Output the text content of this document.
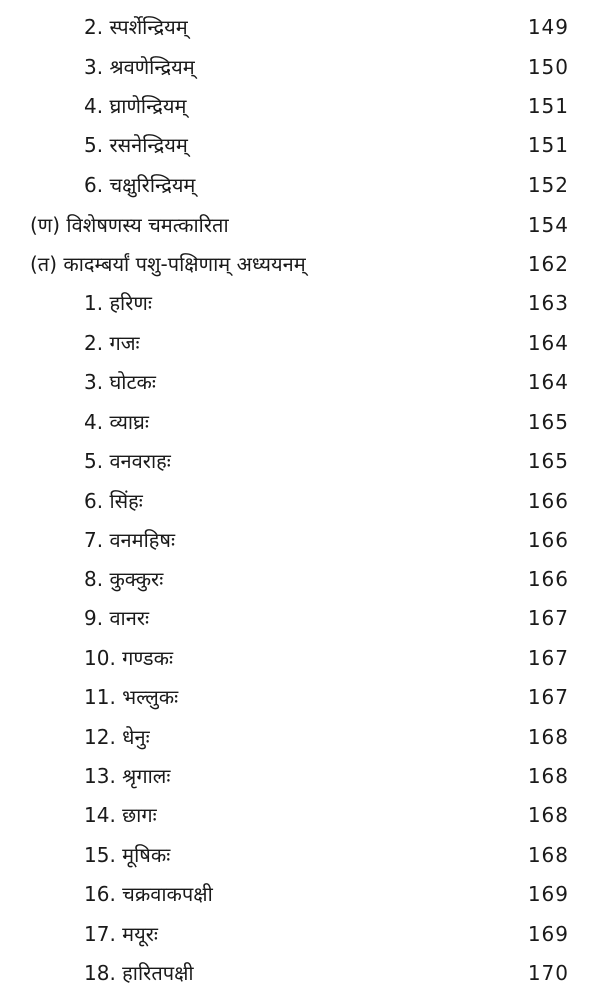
2. स्पर्शेन्द्रियम्	149
3. श्रवणेन्द्रियम्	150
4. घ्राणेन्द्रियम्	151
5. रसनेन्द्रियम्	151
6. चक्षुरिन्द्रियम्	152
(ण) विशेषणस्य चमत्कारिता	154
(त) कादम्बर्यां पशु-पक्षिणाम् अध्ययनम्	162
1. हरिणः	163
2. गजः	164
3. घोटकः	164
4. व्याघ्रः	165
5. वनवराहः	165
6. सिंहः	166
7. वनमहिषः	166
8. कुक्कुरः	166
9. वानरः	167
10. गण्डकः	167
11. भल्लुकः	167
12. धेनुः	168
13. श्रृगालः	168
14. छागः	168
15. मूषिकः	168
16. चक्रवाकपक्षी	169
17. मयूरः	169
18. हारितपक्षी	170
